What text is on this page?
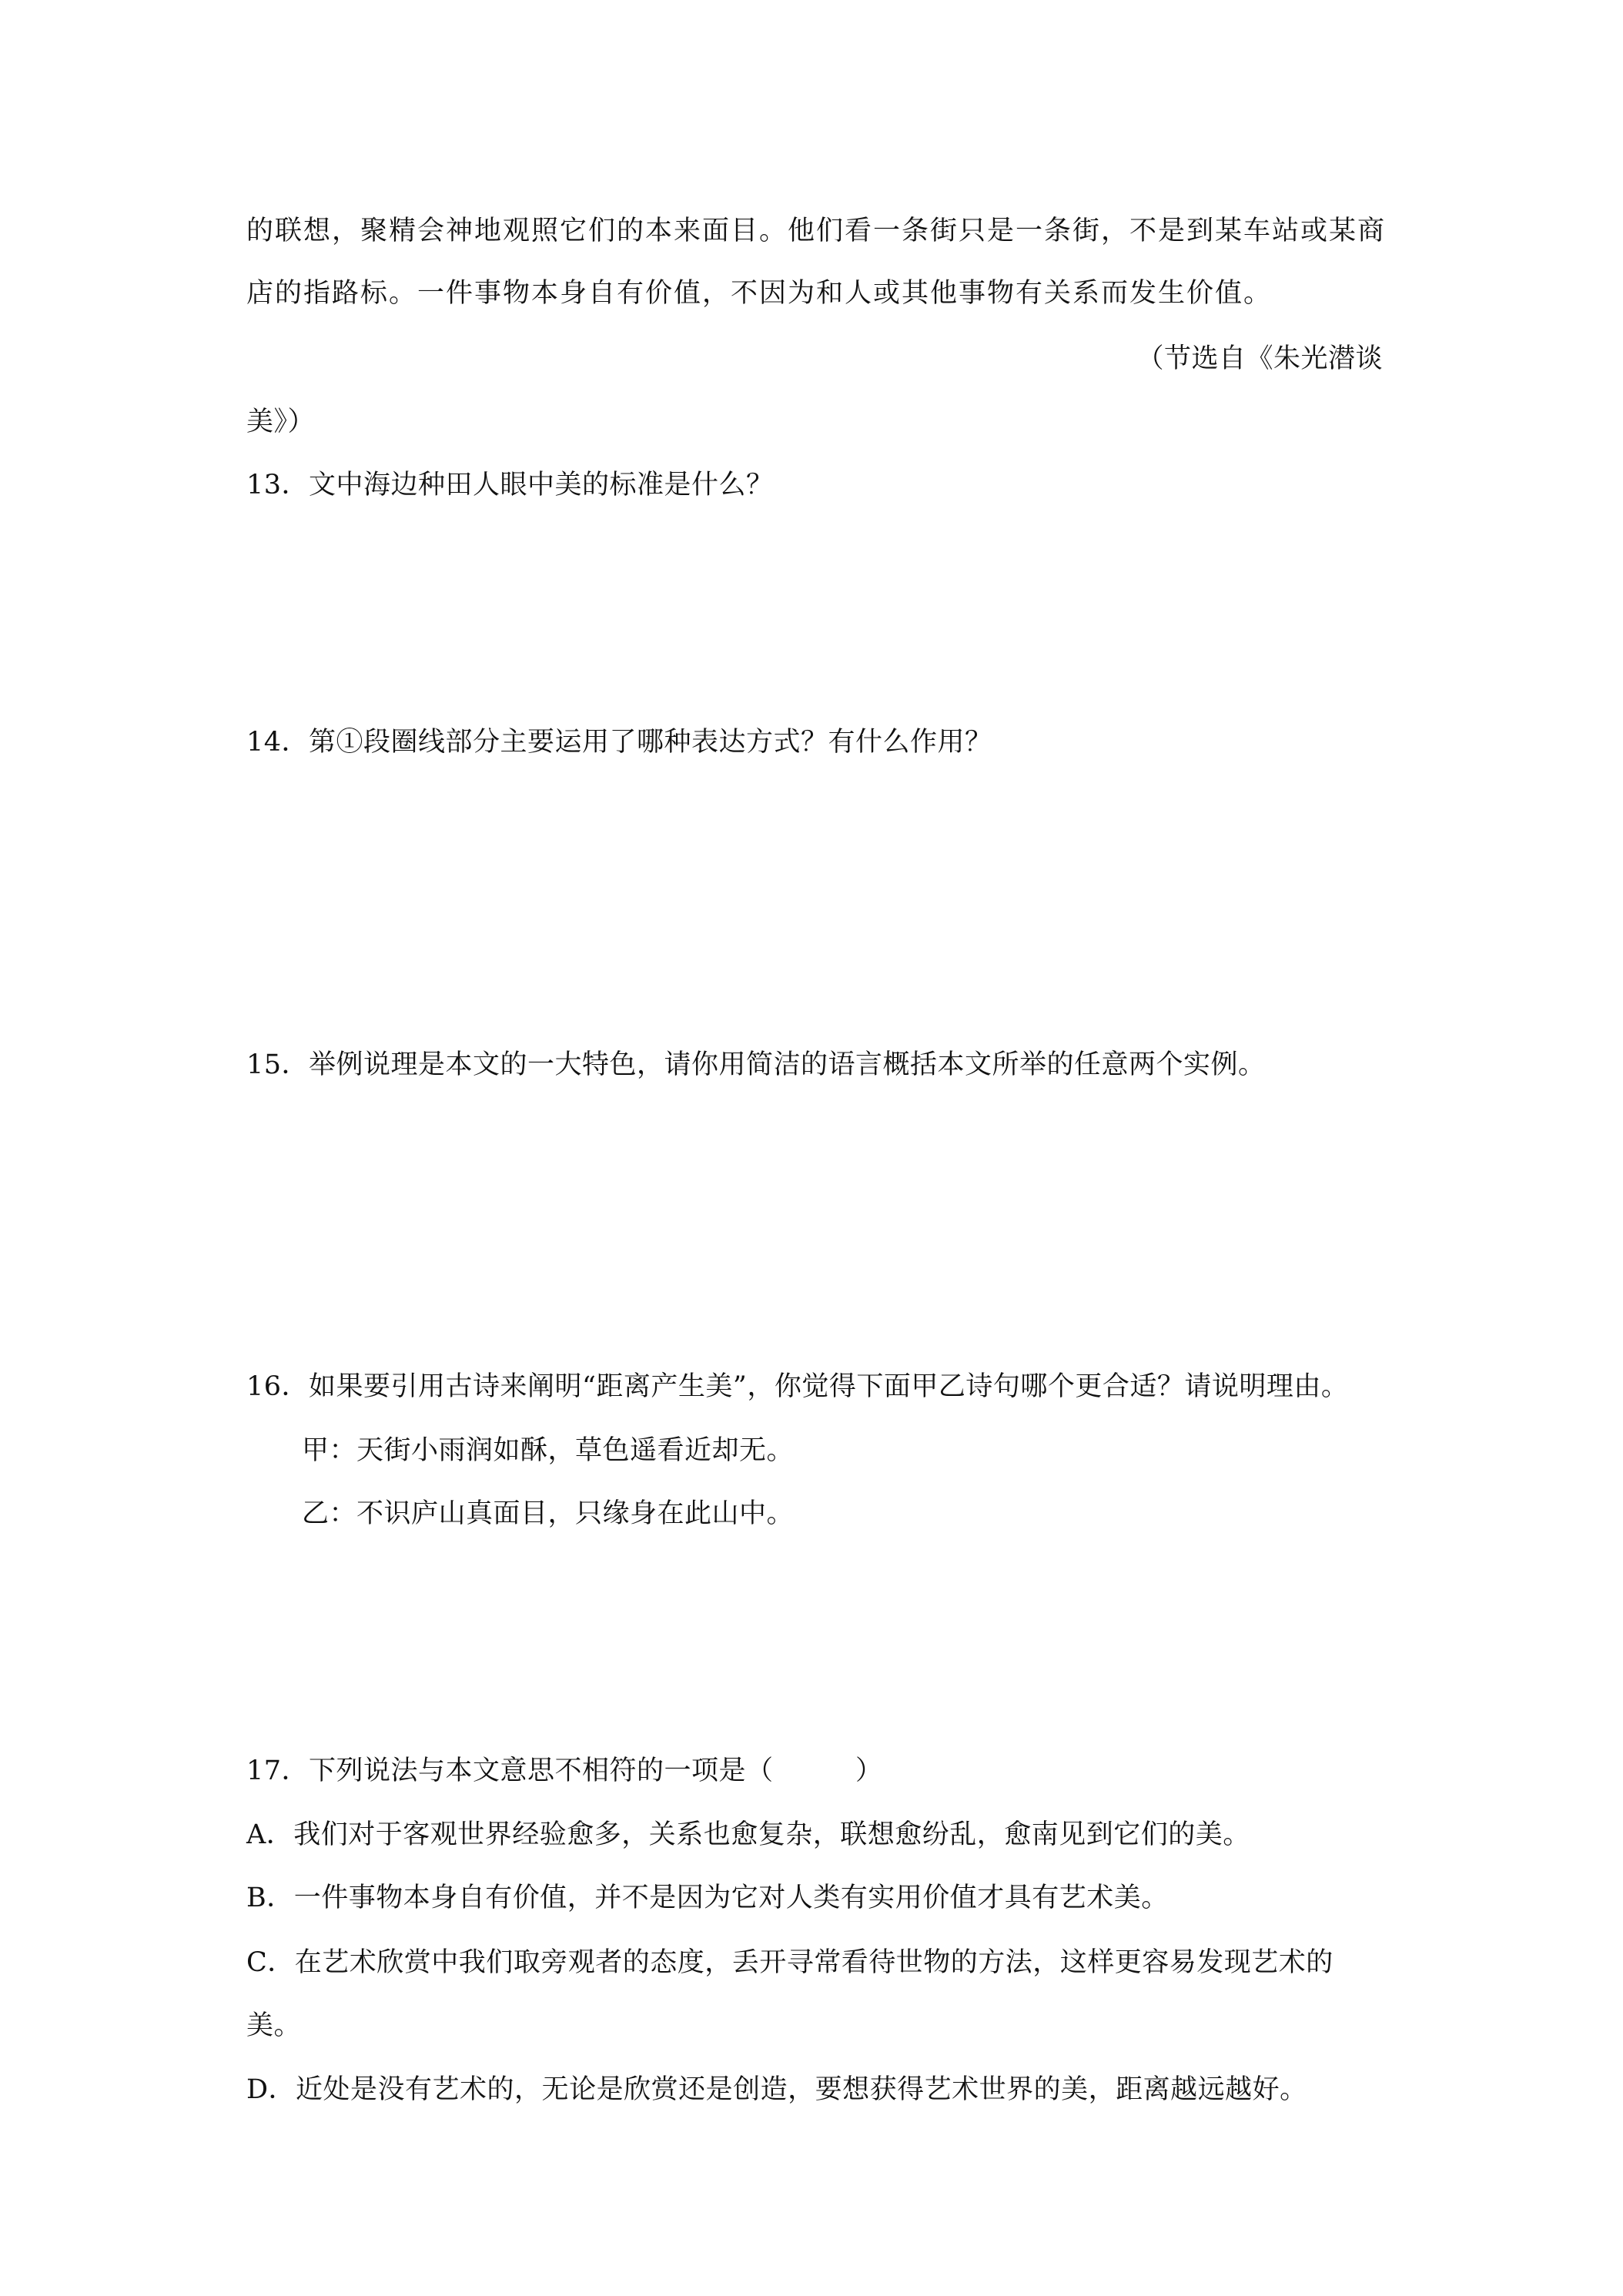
的联想，聚精会神地观照它们的本来面目。他们看一条街只是一条街，不是到某车站或某商
店的指路标。一件事物本身自有价值，不因为和人或其他事物有关系而发生价值。
（节选自《朱光潜谈
美》）
13．文中海边种田人眼中美的标准是什么？
14．第①段圈线部分主要运用了哪种表达方式？有什么作用？
15．举例说理是本文的一大特色，请你用简洁的语言概括本文所举的任意两个实例。
16．如果要引用古诗来阐明“距离产生美”，你觉得下面甲乙诗句哪个更合适？请说明理由。
甲：天街小雨润如酥，草色遥看近却无。
乙：不识庐山真面目，只缘身在此山中。
17．下列说法与本文意思不相符的一项是（　　　）
A．我们对于客观世界经验愈多，关系也愈复杂，联想愈纷乱，愈南见到它们的美。
B．一件事物本身自有价值，并不是因为它对人类有实用价值才具有艺术美。
C．在艺术欣赏中我们取旁观者的态度，丢开寻常看待世物的方法，这样更容易发现艺术的
美。
D．近处是没有艺术的，无论是欣赏还是创造，要想获得艺术世界的美，距离越远越好。
